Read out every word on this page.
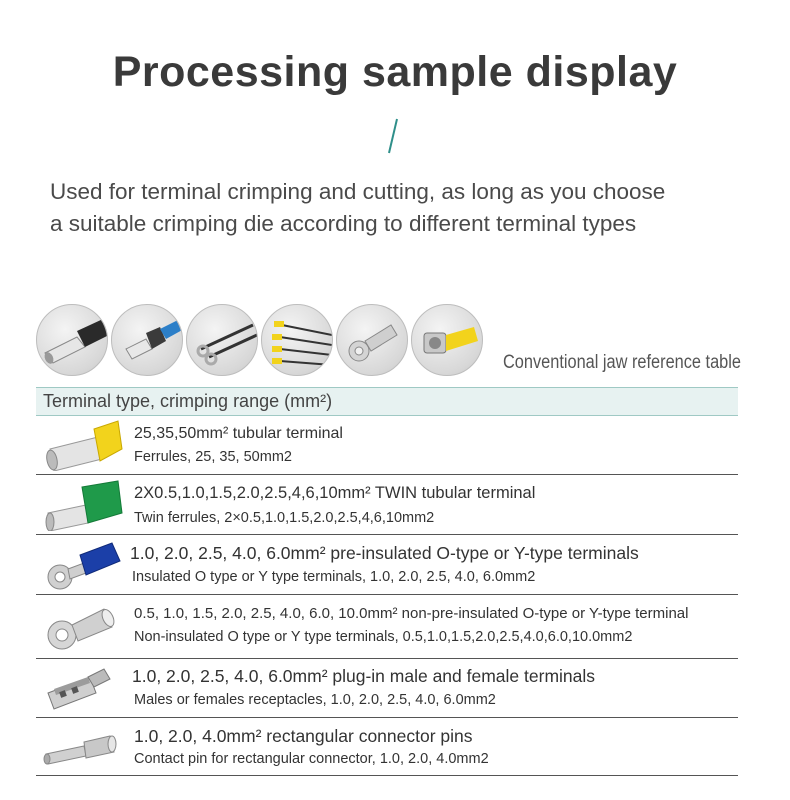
Processing sample display
Used for terminal crimping and cutting, as long as you choose
a suitable crimping die according to different terminal types
Conventional jaw reference table
Terminal type, crimping range (mm²)
25,35,50mm² tubular terminal
Ferrules, 25, 35, 50mm2
2X0.5,1.0,1.5,2.0,2.5,4,6,10mm² TWIN tubular terminal
Twin ferrules, 2×0.5,1.0,1.5,2.0,2.5,4,6,10mm2
1.0, 2.0, 2.5, 4.0, 6.0mm² pre-insulated O-type or Y-type terminals
Insulated O type or Y type terminals, 1.0, 2.0, 2.5, 4.0, 6.0mm2
0.5, 1.0, 1.5, 2.0, 2.5, 4.0, 6.0, 10.0mm² non-pre-insulated O-type or Y-type terminal
Non-insulated O type or Y type terminals, 0.5,1.0,1.5,2.0,2.5,4.0,6.0,10.0mm2
1.0, 2.0, 2.5, 4.0, 6.0mm² plug-in male and female terminals
Males or females receptacles, 1.0, 2.0, 2.5, 4.0, 6.0mm2
1.0, 2.0, 4.0mm² rectangular connector pins
Contact pin for rectangular connector, 1.0, 2.0, 4.0mm2
